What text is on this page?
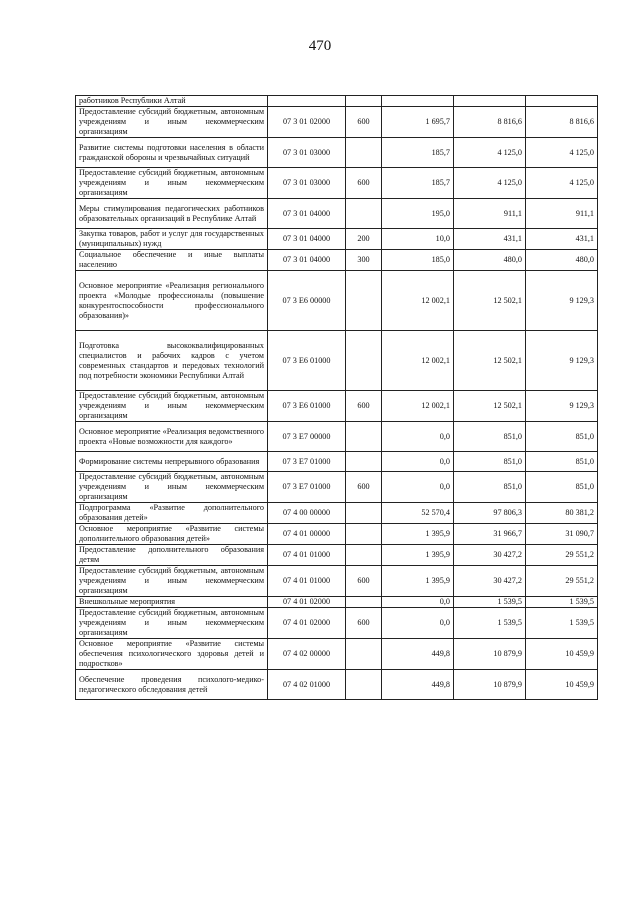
470
работников Республики Алтай					
Предоставление субсидий бюджетным, автономным учреждениям и иным некоммерческим организациям	07 3 01 02000	600	1 695,7	8 816,6	8 816,6
Развитие системы подготовки населения в области гражданской обороны и чрезвычайных ситуаций	07 3 01 03000		185,7	4 125,0	4 125,0
Предоставление субсидий бюджетным, автономным учреждениям и иным некоммерческим организациям	07 3 01 03000	600	185,7	4 125,0	4 125,0
Меры стимулирования педагогических работников образовательных организаций в Республике Алтай	07 3 01 04000		195,0	911,1	911,1
Закупка товаров, работ и услуг для государственных (муниципальных) нужд	07 3 01 04000	200	10,0	431,1	431,1
Социальное обеспечение и иные выплаты населению	07 3 01 04000	300	185,0	480,0	480,0
Основное мероприятие «Реализация регионального проекта «Молодые профессионалы (повышение конкурентоспособности профессионального образования)»	07 3 E6 00000		12 002,1	12 502,1	9 129,3
Подготовка высококвалифицированных специалистов и рабочих кадров с учетом современных стандартов и передовых технологий под потребности экономики Республики Алтай	07 3 E6 01000		12 002,1	12 502,1	9 129,3
Предоставление субсидий бюджетным, автономным учреждениям и иным некоммерческим организациям	07 3 E6 01000	600	12 002,1	12 502,1	9 129,3
Основное мероприятие «Реализация ведомственного проекта «Новые возможности для каждого»	07 3 E7 00000		0,0	851,0	851,0
Формирование системы непрерывного образования	07 3 E7 01000		0,0	851,0	851,0
Предоставление субсидий бюджетным, автономным учреждениям и иным некоммерческим организациям	07 3 E7 01000	600	0,0	851,0	851,0
Подпрограмма «Развитие дополнительного образования детей»	07 4 00 00000		52 570,4	97 806,3	80 381,2
Основное мероприятие «Развитие системы дополнительного образования детей»	07 4 01 00000		1 395,9	31 966,7	31 090,7
Предоставление дополнительного образования детям	07 4 01 01000		1 395,9	30 427,2	29 551,2
Предоставление субсидий бюджетным, автономным учреждениям и иным некоммерческим организациям	07 4 01 01000	600	1 395,9	30 427,2	29 551,2
Внешкольные мероприятия	07 4 01 02000		0,0	1 539,5	1 539,5
Предоставление субсидий бюджетным, автономным учреждениям и иным некоммерческим организациям	07 4 01 02000	600	0,0	1 539,5	1 539,5
Основное мероприятие «Развитие системы обеспечения психологического здоровья детей и подростков»	07 4 02 00000		449,8	10 879,9	10 459,9
Обеспечение проведения психолого-медико-педагогического обследования детей	07 4 02 01000		449,8	10 879,9	10 459,9
